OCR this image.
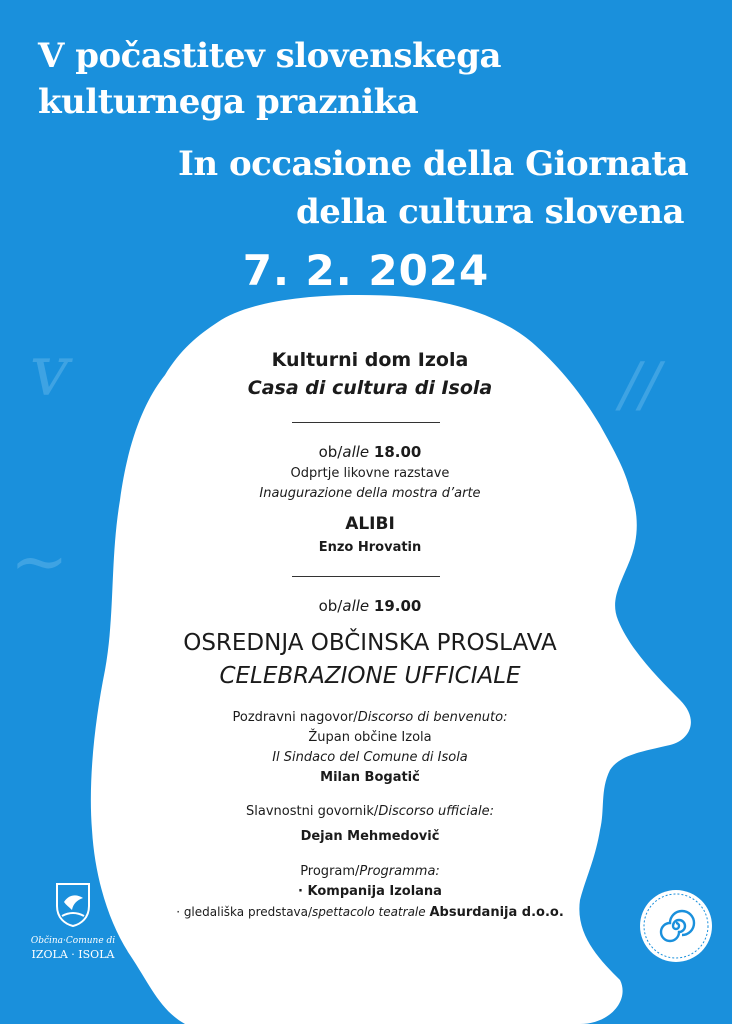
ᴠ	//
~
V počastitev slovenskega
kulturnega praznika
In occasione della Giornata
della cultura slovena
7. 2. 2024
Kulturni dom Izola
Casa di cultura di Isola
ob/alle 18.00
Odprtje likovne razstave
Inaugurazione della mostra d’arte
ALIBI
Enzo Hrovatin
ob/alle 19.00
OSREDNJA OBČINSKA PROSLAVA
CELEBRAZIONE UFFICIALE
Pozdravni nagovor/Discorso di benvenuto:
Župan občine Izola
Il Sindaco del Comune di Isola
Milan Bogatič
Slavnostni govornik/Discorso ufficiale:
Dejan Mehmedovič
Program/Programma:
· Kompanija Izolana
· gledališka predstava/spettacolo teatrale Absurdanija d.o.o.
Občina·Comune di
IZOLA · ISOLA
